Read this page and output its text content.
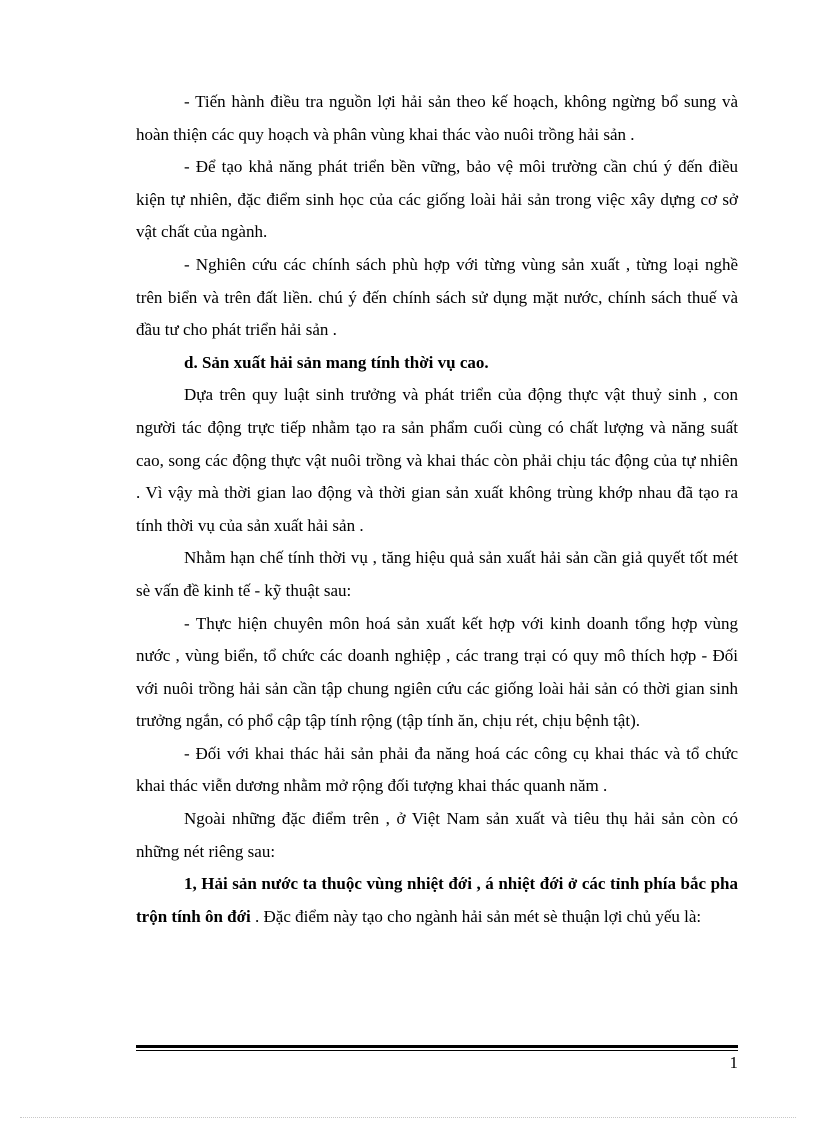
- Tiến hành điều tra nguồn lợi hải sản theo kế hoạch, không ngừng bổ sung và hoàn thiện các quy hoạch và phân vùng khai thác vào nuôi trồng hải sản .

- Để tạo khả năng phát triển bền vững, bảo vệ môi trường cần chú ý đến điều kiện tự nhiên, đặc điểm sinh học của các giống loài hải sản trong việc xây dựng cơ sở vật chất của ngành.

- Nghiên cứu các chính sách phù hợp với từng vùng sản xuất , từng loại nghề trên biển và trên đất liền. chú ý đến chính sách sử dụng mặt nước, chính sách thuế và đầu tư cho phát triển hải sản .

d. Sản xuất hải sản mang tính thời vụ cao.

Dựa trên quy luật sinh trưởng và phát triển của động thực vật thuỷ sinh , con người tác động trực tiếp nhằm tạo ra sản phẩm cuối cùng có chất lượng và năng suất cao, song các động thực vật nuôi trồng và khai thác còn phải chịu tác động của tự nhiên . Vì vậy mà thời gian lao động và thời gian sản xuất không trùng khớp nhau đã tạo ra tính thời vụ của sản xuất hải sản .

Nhằm hạn chế tính thời vụ , tăng hiệu quả sản xuất hải sản cần giả quyết tốt mét sè vấn đề kinh tế - kỹ thuật sau:

- Thực hiện chuyên môn hoá sản xuất kết hợp với kinh doanh tổng hợp vùng nước , vùng biển, tổ chức các doanh nghiệp , các trang trại có quy mô thích hợp - Đối với nuôi trồng hải sản cần tập chung ngiên cứu các giống loài hải sản có thời gian sinh trưởng ngắn, có phổ cập tập tính rộng (tập tính ăn, chịu rét, chịu bệnh tật).

- Đối với khai thác hải sản phải đa năng hoá các công cụ khai thác và tổ chức khai thác viễn dương nhằm mở rộng đối tượng khai thác quanh năm .

Ngoài những đặc điểm trên , ở Việt Nam sản xuất và tiêu thụ hải sản còn có những nét riêng sau:

1, Hải sản nước ta thuộc vùng nhiệt đới , á nhiệt đới ở các tỉnh phía bắc pha trộn tính ôn đới . Đặc điểm này tạo cho ngành hải sản mét sè thuận lợi chủ yếu là:

1
